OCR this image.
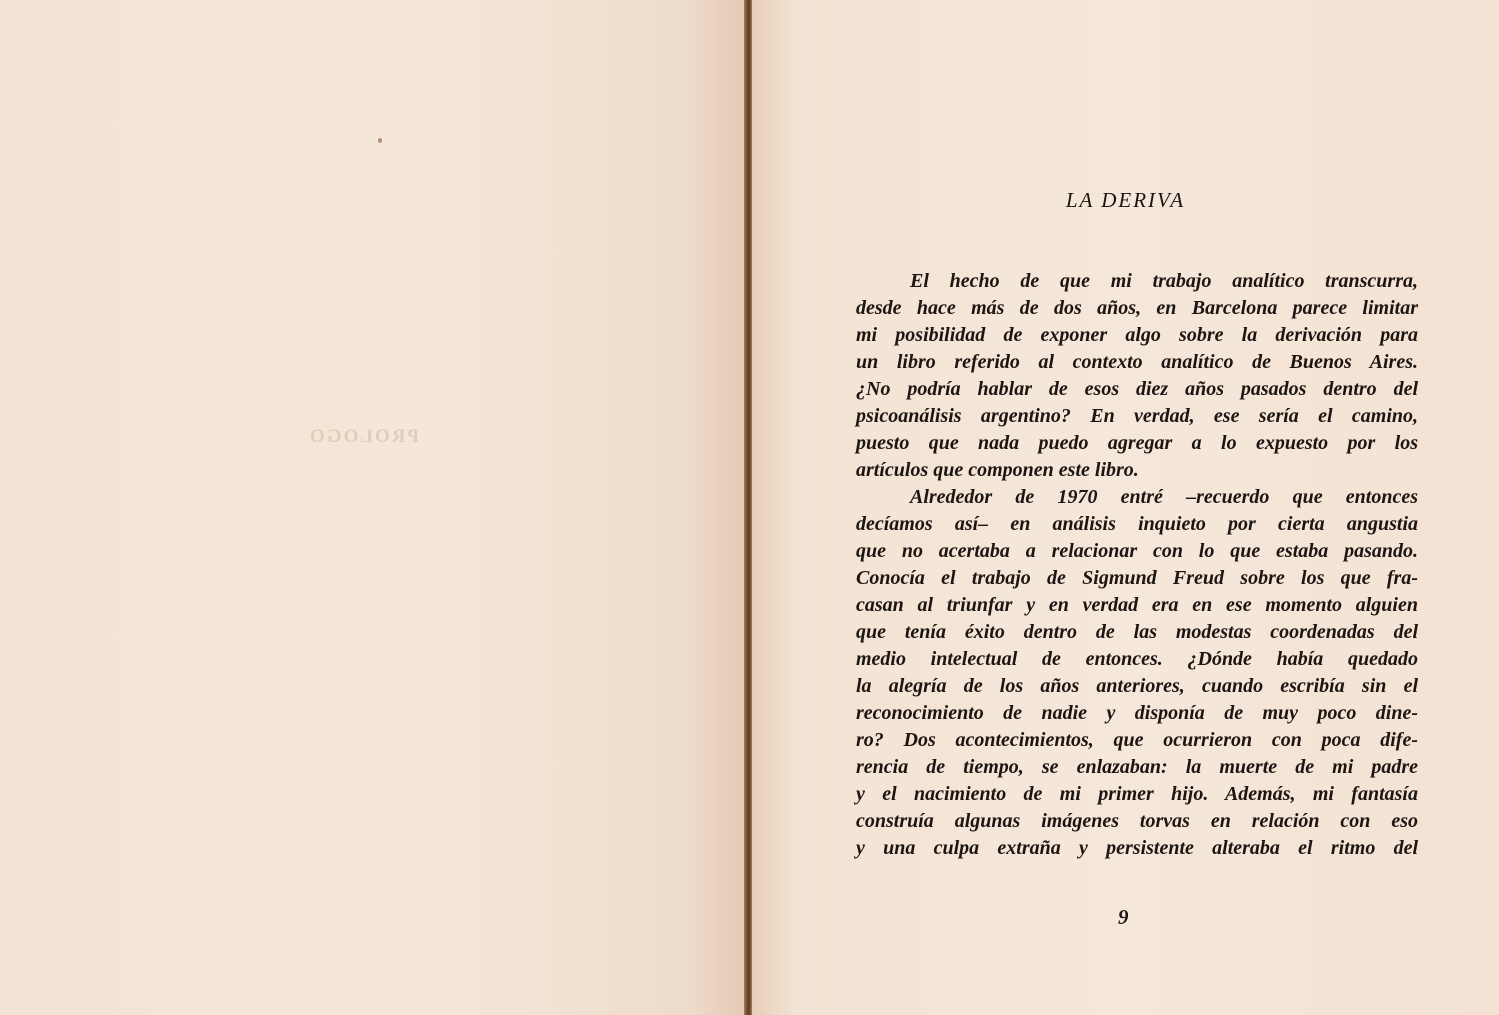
PROLOGO

LA DERIVA
El hecho de que mi trabajo analítico transcurra,
desde hace más de dos años, en Barcelona parece limitar
mi posibilidad de exponer algo sobre la derivación para
un libro referido al contexto analítico de Buenos Aires.
¿No podría hablar de esos diez años pasados dentro del
psicoanálisis argentino? En verdad, ese sería el camino,
puesto que nada puedo agregar a lo expuesto por los
artículos que componen este libro.
Alrededor de 1970 entré –recuerdo que entonces
decíamos así– en análisis inquieto por cierta angustia
que no acertaba a relacionar con lo que estaba pasando.
Conocía el trabajo de Sigmund Freud sobre los que fra-
casan al triunfar y en verdad era en ese momento alguien
que tenía éxito dentro de las modestas coordenadas del
medio intelectual de entonces. ¿Dónde había quedado
la alegría de los años anteriores, cuando escribía sin el
reconocimiento de nadie y disponía de muy poco dine-
ro? Dos acontecimientos, que ocurrieron con poca dife-
rencia de tiempo, se enlazaban: la muerte de mi padre
y el nacimiento de mi primer hijo. Además, mi fantasía
construía algunas imágenes torvas en relación con eso
y una culpa extraña y persistente alteraba el ritmo del
9
